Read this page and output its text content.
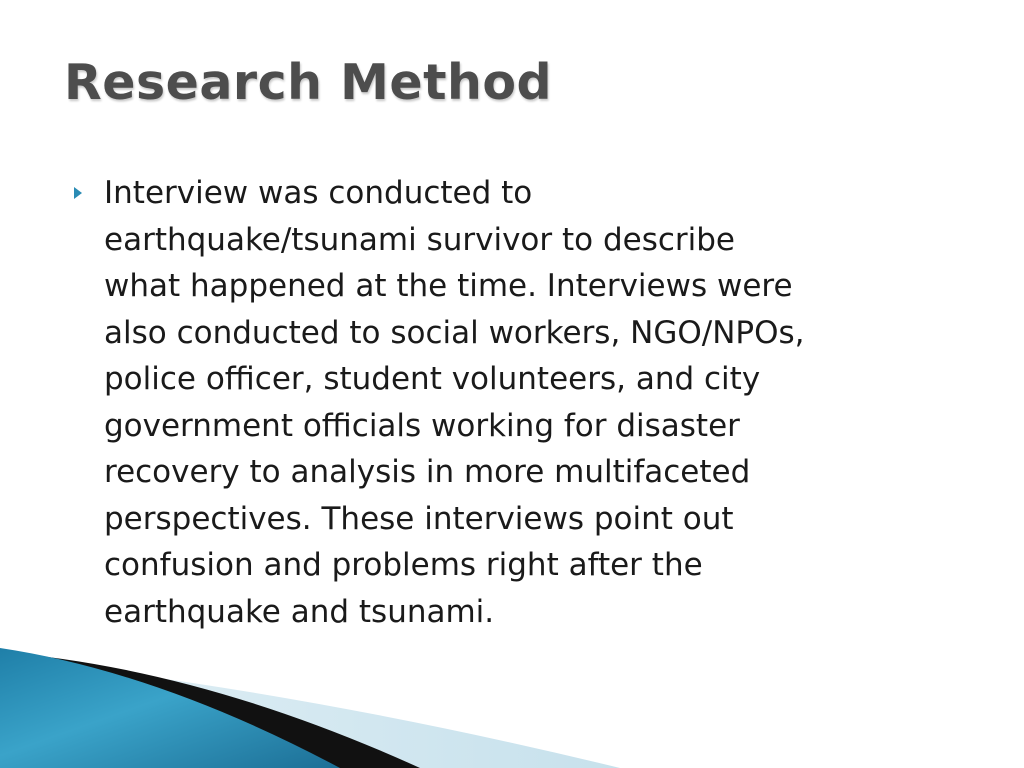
Research Method
Interview was conducted to
earthquake/tsunami survivor to describe
what happened at the time. Interviews were
also conducted to social workers, NGO/NPOs,
police officer, student volunteers, and city
government officials working for disaster
recovery to analysis in more multifaceted
perspectives. These interviews point out
confusion and problems right after the
earthquake and tsunami.
